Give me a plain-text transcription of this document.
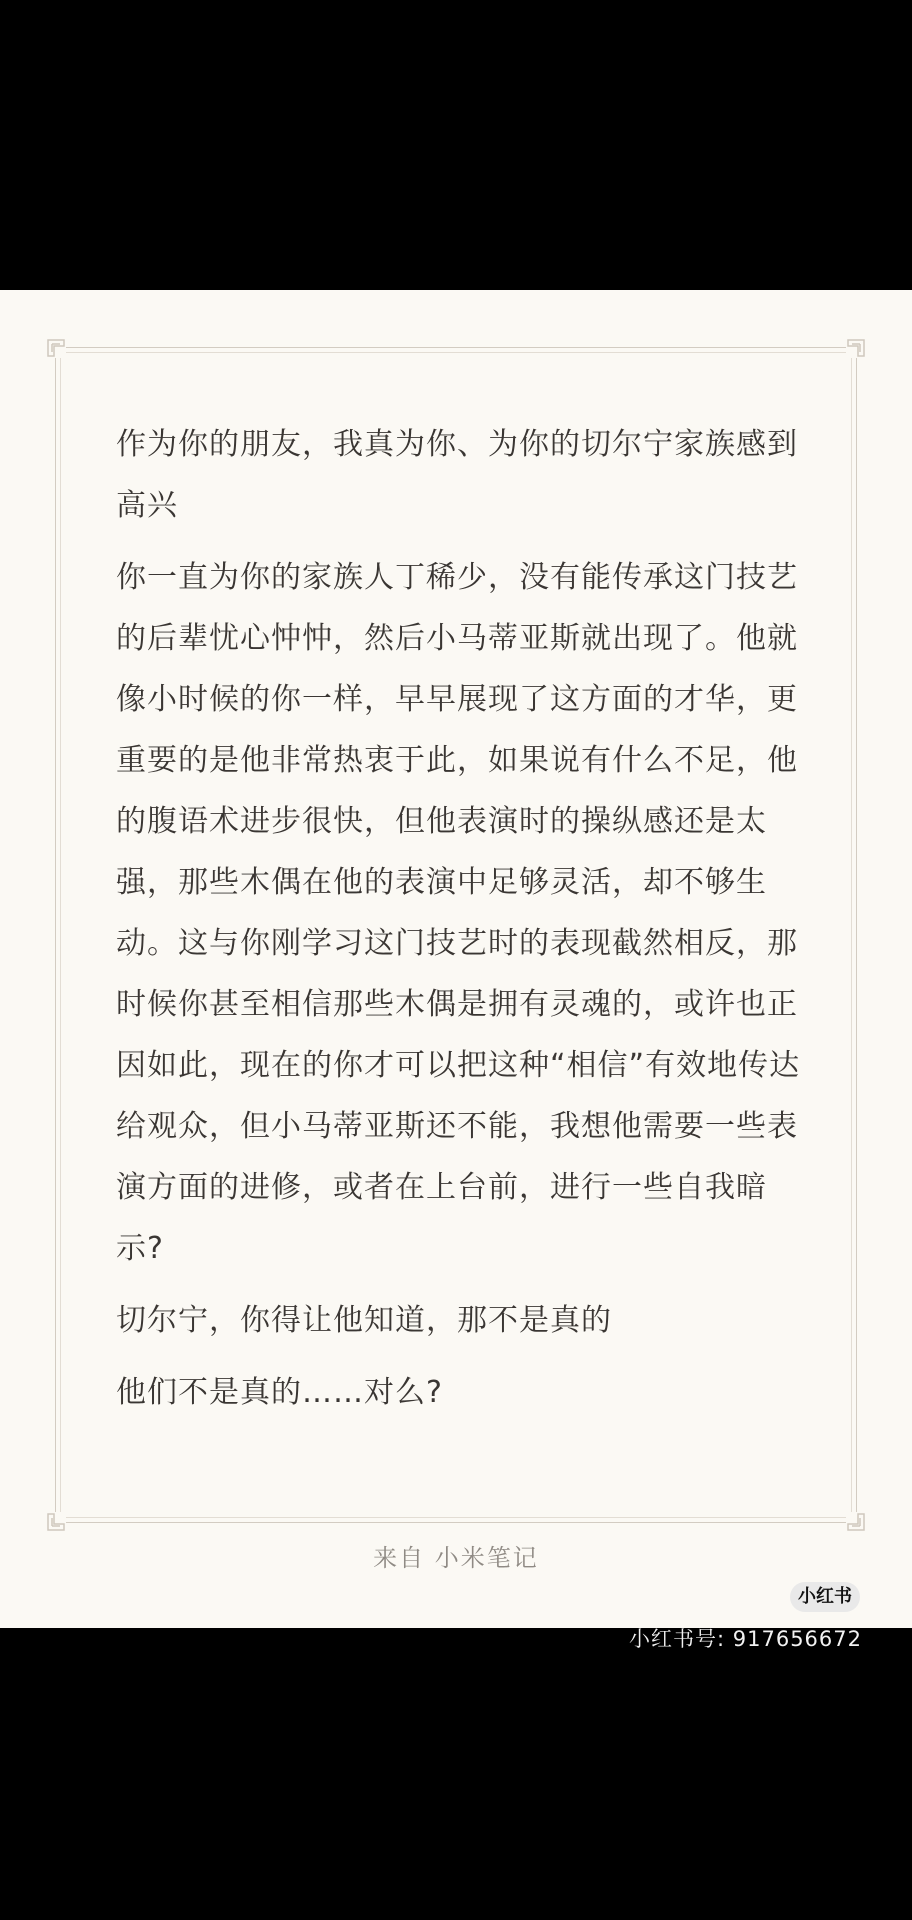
作为你的朋友，我真为你、为你的切尔宁家族感到高兴

你一直为你的家族人丁稀少，没有能传承这门技艺的后辈忧心忡忡，然后小马蒂亚斯就出现了。他就像小时候的你一样，早早展现了这方面的才华，更重要的是他非常热衷于此，如果说有什么不足，他的腹语术进步很快，但他表演时的操纵感还是太强，那些木偶在他的表演中足够灵活，却不够生动。这与你刚学习这门技艺时的表现截然相反，那时候你甚至相信那些木偶是拥有灵魂的，或许也正因如此，现在的你才可以把这种“相信”有效地传达给观众，但小马蒂亚斯还不能，我想他需要一些表演方面的进修，或者在上台前，进行一些自我暗示?

切尔宁，你得让他知道，那不是真的

他们不是真的……对么?

来自 小米笔记
小红书
小红书号: 917656672
